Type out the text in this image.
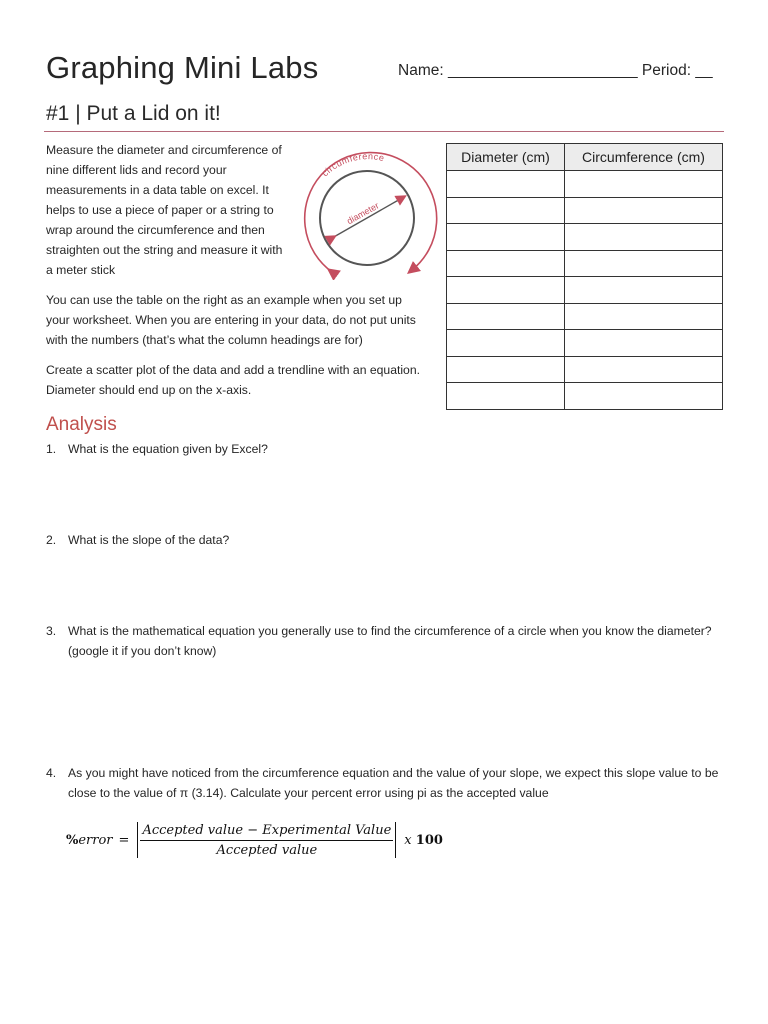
Graphing Mini Labs	Name: ______________________ Period: __
#1 | Put a Lid on it!
Measure the diameter and circumference of nine different lids and record your measurements in a data table on excel. It helps to use a piece of paper or a string to wrap around the circumference and then straighten out the string and measure it with a meter stick
circumference
diameter
Diameter (cm)	Circumference (cm)

You can use the table on the right as an example when you set up your worksheet. When you are entering in your data, do not put units with the numbers (that’s what the column headings are for)
Create a scatter plot of the data and add a trendline with an equation. Diameter should end up on the x-axis.
Analysis
1. What is the equation given by Excel?
2. What is the slope of the data?
3. What is the mathematical equation you generally use to find the circumference of a circle when you know the diameter? (google it if you don’t know)
4. As you might have noticed from the circumference equation and the value of your slope, we expect this slope value to be close to the value of π (3.14). Calculate your percent error using pi as the accepted value
%error = $\frac{\text{Accepted value − Experimental Value}}{\text{Accepted value}}$ x 100
